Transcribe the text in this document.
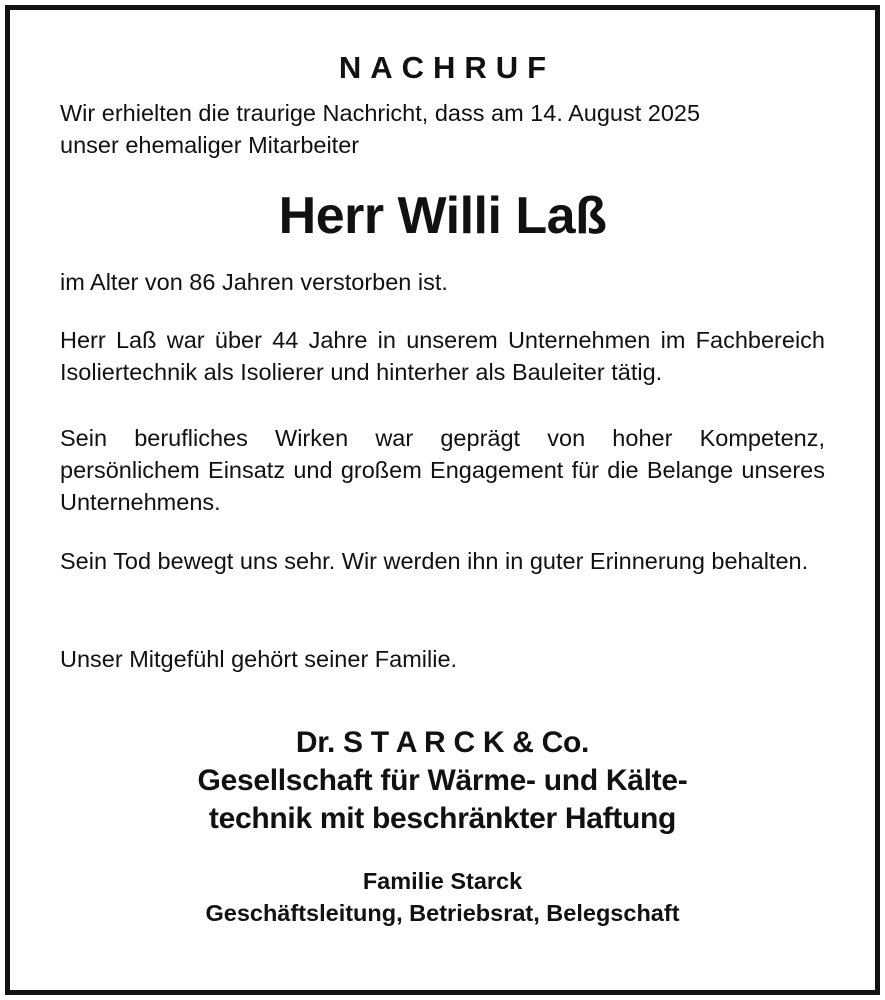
NACHRUF
Wir erhielten die traurige Nachricht, dass am 14. August 2025
unser ehemaliger Mitarbeiter
Herr Willi Laß

im Alter von 86 Jahren verstorben ist.

Herr Laß war über 44 Jahre in unserem Unternehmen im Fachbereich Isoliertechnik als Isolierer und hinterher als Bauleiter tätig.

Sein berufliches Wirken war geprägt von hoher Kompetenz, persönlichem Einsatz und großem Engagement für die Belange unseres Unternehmens.

Sein Tod bewegt uns sehr. Wir werden ihn in guter Erinnerung behalten.

Unser Mitgefühl gehört seiner Familie.

Dr. S T A R C K & Co.
Gesellschaft für Wärme- und Kälte-
technik mit beschränkter Haftung
Familie Starck
Geschäftsleitung, Betriebsrat, Belegschaft
